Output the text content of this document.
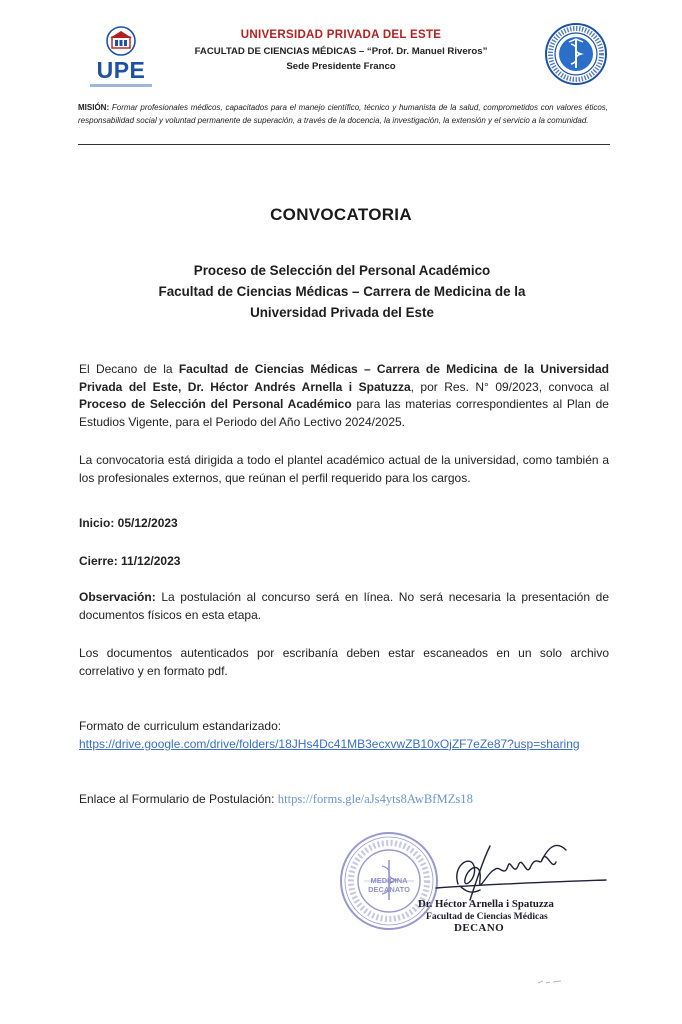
UPE
UNIVERSIDAD PRIVADA DEL ESTE
FACULTAD DE CIENCIAS MÉDICAS – “Prof. Dr. Manuel Riveros”
Sede Presidente Franco

MISIÓN: Formar profesionales médicos, capacitados para el manejo científico, técnico y humanista de la salud, comprometidos con valores éticos, responsabilidad social y voluntad permanente de superación, a través de la docencia, la investigación, la extensión y el servicio a la comunidad.

CONVOCATORIA
Proceso de Selección del Personal Académico
Facultad de Ciencias Médicas – Carrera de Medicina de la
Universidad Privada del Este

El Decano de la Facultad de Ciencias Médicas – Carrera de Medicina de la Universidad Privada del Este, Dr. Héctor Andrés Arnella i Spatuzza, por Res. N° 09/2023, convoca al Proceso de Selección del Personal Académico para las materias correspondientes al Plan de Estudios Vigente, para el Periodo del Año Lectivo 2024/2025.

La convocatoria está dirigida a todo el plantel académico actual de la universidad, como también a los profesionales externos, que reúnan el perfil requerido para los cargos.

Inicio: 05/12/2023

Cierre: 11/12/2023

Observación: La postulación al concurso será en línea. No será necesaria la presentación de documentos físicos en esta etapa.

Los documentos autenticados por escribanía deben estar escaneados en un solo archivo correlativo y en formato pdf.

Formato de curriculum estandarizado:
https://drive.google.com/drive/folders/18JHs4Dc41MB3ecxvwZB10xOjZF7eZe87?usp=sharing

Enlace al Formulario de Postulación: https://forms.gle/aJs4yts8AwBfMZs18

MEDICINA DECANATO
Dr. Héctor Arnella i Spatuzza
Facultad de Ciencias Médicas
DECANO
